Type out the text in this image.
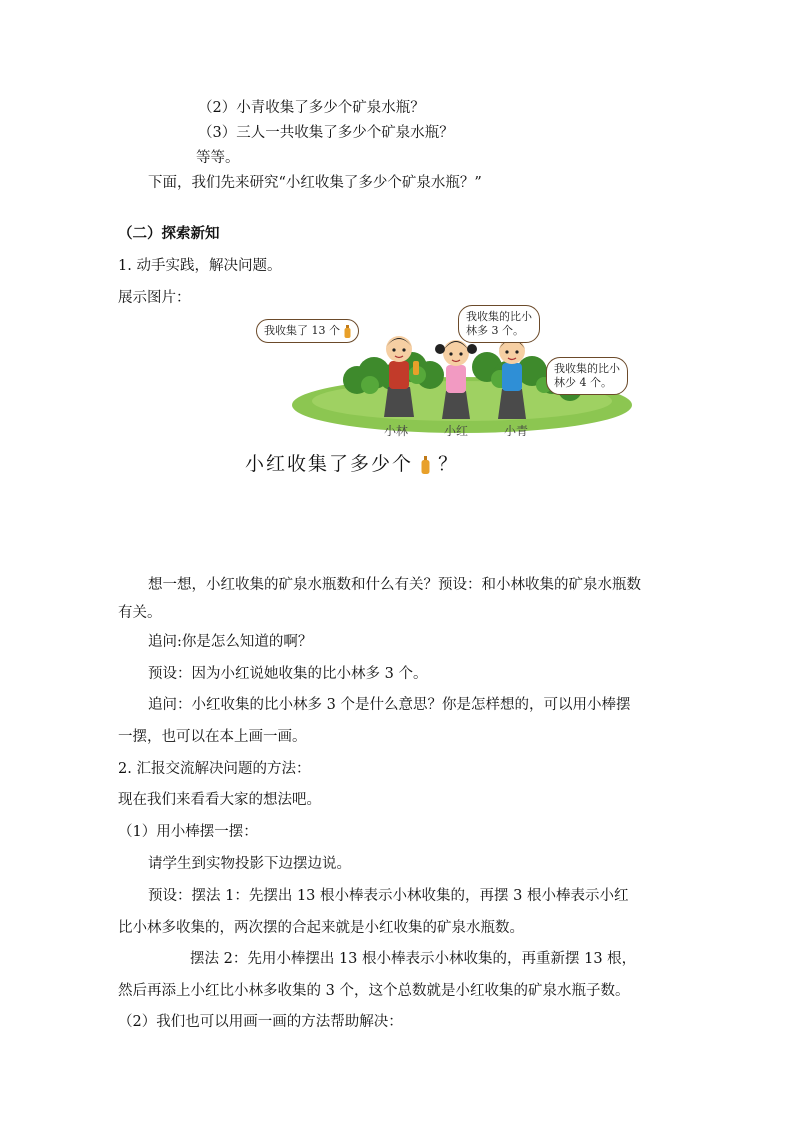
（2）小青收集了多少个矿泉水瓶？
（3）三人一共收集了多少个矿泉水瓶？
等等。
下面，我们先来研究“小红收集了多少个矿泉水瓶？”
（二）探索新知
1. 动手实践，解决问题。
展示图片：
我收集了 13 个
我收集的比小
林多 3 个。
我收集的比小
林少 4 个。
小林	小红	小青
小红收集了多少个 ？
想一想，小红收集的矿泉水瓶数和什么有关？预设：和小林收集的矿泉水瓶数
有关。
追问:你是怎么知道的啊？
预设：因为小红说她收集的比小林多 3 个。
追问：小红收集的比小林多 3 个是什么意思？你是怎样想的，可以用小棒摆
一摆，也可以在本上画一画。
2. 汇报交流解决问题的方法：
现在我们来看看大家的想法吧。
（1）用小棒摆一摆：
请学生到实物投影下边摆边说。
预设：摆法 1：先摆出 13 根小棒表示小林收集的，再摆 3 根小棒表示小红
比小林多收集的，两次摆的合起来就是小红收集的矿泉水瓶数。
摆法 2：先用小棒摆出 13 根小棒表示小林收集的，再重新摆 13 根，
然后再添上小红比小林多收集的 3 个，这个总数就是小红收集的矿泉水瓶子数。
（2）我们也可以用画一画的方法帮助解决：
